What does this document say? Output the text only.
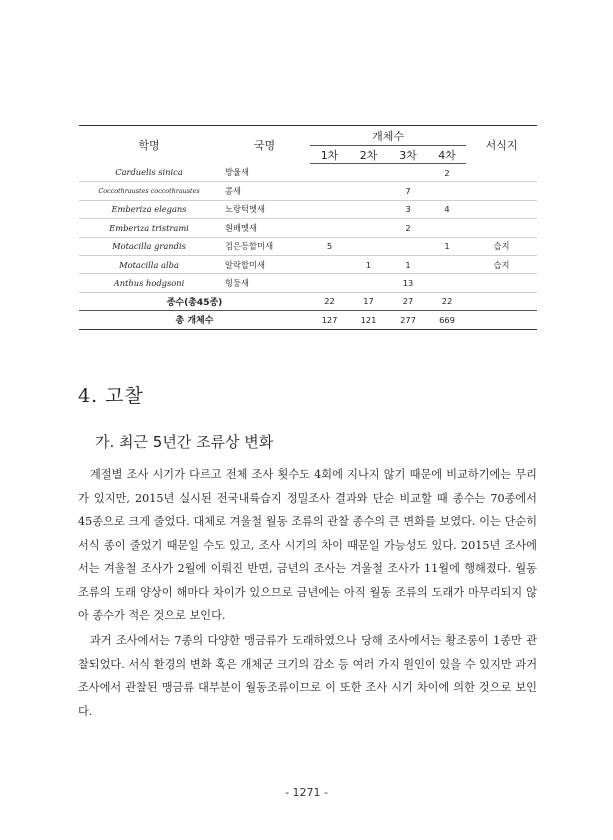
학명	국명	개체수				서식지
		1차	2차	3차	4차	
Carduelis sinica	방울새				2	
Coccothraustes coccothraustes	콩새			7		
Emberiza elegans	노랑턱멧새			3	4	
Emberiza tristrami	흰배멧새			2		
Motacilla grandis	검은등할미새	5			1	습지
Motacilla alba	알락할미새		1	1		습지
Anthus hodgsoni	힝둥새			13		
종수(총45종)		22	17	27	22	
총 개체수		127	121	277	669	
4. 고찰
가. 최근 5년간 조류상 변화

계절별 조사 시기가 다르고 전체 조사 횟수도 4회에 지나지 않기 때문에 비교하기에는 무리가 있지만, 2015년 실시된 전국내륙습지 정밀조사 결과와 단순 비교할 때 종수는 70종에서 45종으로 크게 줄었다. 대체로 겨울철 월동 조류의 관찰 종수의 큰 변화를 보였다. 이는 단순히 서식 종이 줄었기 때문일 수도 있고, 조사 시기의 차이 때문일 가능성도 있다. 2015년 조사에서는 겨울철 조사가 2월에 이뤄진 반면, 금년의 조사는 겨울철 조사가 11월에 행해졌다. 월동 조류의 도래 양상이 해마다 차이가 있으므로 금년에는 아직 월동 조류의 도래가 마무리되지 않아 종수가 적은 것으로 보인다.

과거 조사에서는 7종의 다양한 맹금류가 도래하였으나 당해 조사에서는 황조롱이 1종만 관찰되었다. 서식 환경의 변화 혹은 개체군 크기의 감소 등 여러 가지 원인이 있을 수 있지만 과거 조사에서 관찰된 맹금류 대부분이 월동조류이므로 이 또한 조사 시기 차이에 의한 것으로 보인다.

- 1271 -
